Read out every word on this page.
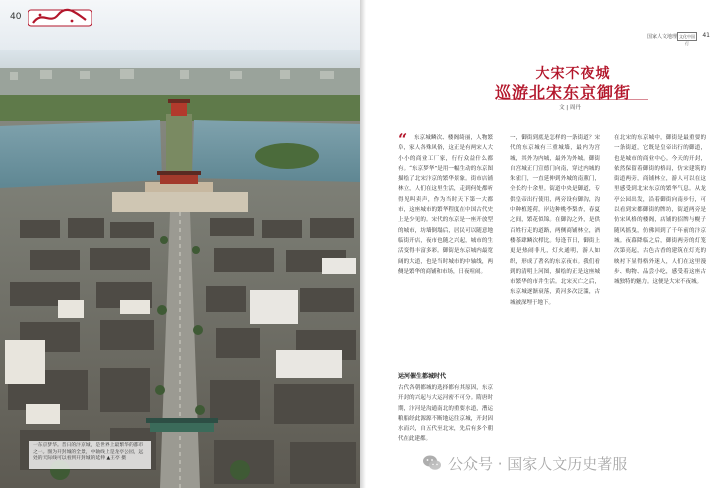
40
一东京梦华。昔日的汴京城，是世界上最繁华的都市之一。图为开封城的全景，中轴线上是龙亭公园，远处的天际线可以看到开封城的延伸 ▲王亭 摄
国家人文地理 文化中国行
41
大宋不夜城
巡游北宋东京御街
文 | 周丹
“	东京城鳞次、楼阁绮丽，人物繁阜，家人各殊风俗，这正是有两宋人大小小的商业工厂家，行行众益什么都有。“东京梦华”是用一幅生动的东京图描绘了北宋汴京的繁华景象。街市店铺林立，人们在这里生活，走到何处都听得见叫卖声，作为当时天下第一大都市，这座城市的繁华程度在中国古代史上是少见的。宋代的东京是一座开放型的城市，坊墙倒塌后，居民可以随意地临街开店，夜市也随之兴起，城市的生活变得丰富多彩。御街是东京城内最宽阔的大道，也是当时城市的中轴线，两侧是繁华的商铺和市场，日夜喧闹。

运河催生都城时代

古代各朝都城的选择都有其原因，东京开封的兴起与大运河密不可分。隋唐时期，汴河是沟通南北的重要水道，漕运粮船经此源源不断地运往京城，开封因水而兴，自五代至北宋，先后有多个朝代在此建都。

一，御街到底是怎样的一条街道？宋代的东京城有三重城墙，最内为宫城，其外为内城，最外为外城。御街自宫城正门宣德门向南，穿过内城的朱雀门，一直延伸到外城的南薰门，全长约十余里。街道中央是御道，专供皇帝出行使用，两旁设有御沟，沟中种植莲荷，岸边种桃李梨杏，春夏之间，繁花似锦。在御沟之外，是供百姓行走的道路，两侧商铺林立，酒楼茶肆鳞次栉比。每逢节日，御街上更是热闹非凡，灯火通明，游人如织，形成了著名的东京夜市。我们看到的清明上河图，描绘的正是这座城市繁华的市井生活。北宋灭亡之后，东京城逐渐衰落，黄河多次泛滥，古城被深埋于地下。

在北宋的东京城中，御街是最重要的一条街道，它既是皇帝出行的御道，也是城市的商业中心。今天的开封，依然保留着御街的格局，仿宋建筑的街道两旁，商铺林立，游人可以在这里感受到北宋东京的繁华气息。从龙亭公园出发，沿着御街向南步行，可以看到宋都御街的牌坊，街道两旁是仿宋风格的楼阁，店铺的招牌与幌子随风摇曳，仿佛回到了千年前的汴京城。夜幕降临之后，御街两旁的灯笼次第亮起，古色古香的建筑在灯光的映衬下显得格外迷人，人们在这里漫步、购物、品尝小吃，感受着这座古城独特的魅力。这便是大宋不夜城。

公众号 · 国家人文历史著服
